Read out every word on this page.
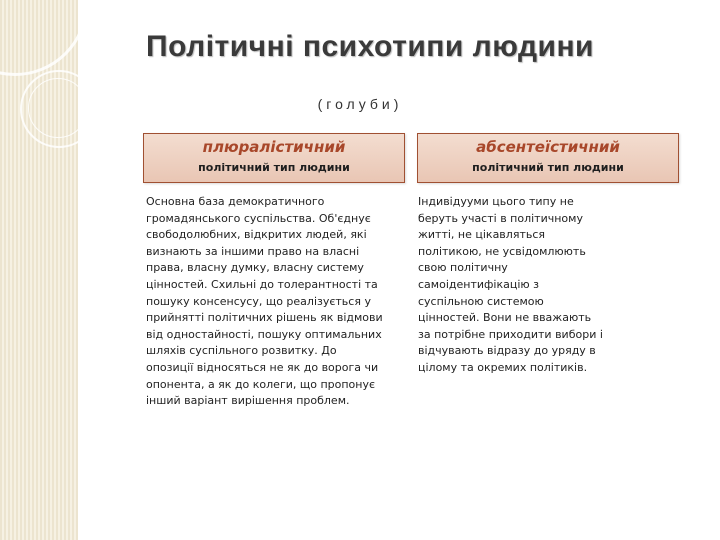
Політичні психотипи людини
(голуби)
плюралістичний
політичний тип людини
абсентеїстичний
політичний тип людини
Основна база демократичного громадянського суспільства. Об'єднує свободолюбних, відкритих людей, які визнають за іншими право на власні права, власну думку, власну систему цінностей. Схильні до толерантності та пошуку консенсусу, що реалізується у прийнятті політичних рішень як відмови від одностайності, пошуку оптимальних шляхів суспільного розвитку. До опозиції відносяться не як до ворога чи опонента, а як до колеги, що пропонує інший варіант вирішення проблем.
Індивідууми цього типу не беруть участі в політичному житті, не цікавляться політикою, не усвідомлюють свою політичну самоідентифікацію з суспільною системою цінностей. Вони не вважають за потрібне приходити вибори і відчувають відразу до уряду в цілому та окремих політиків.
